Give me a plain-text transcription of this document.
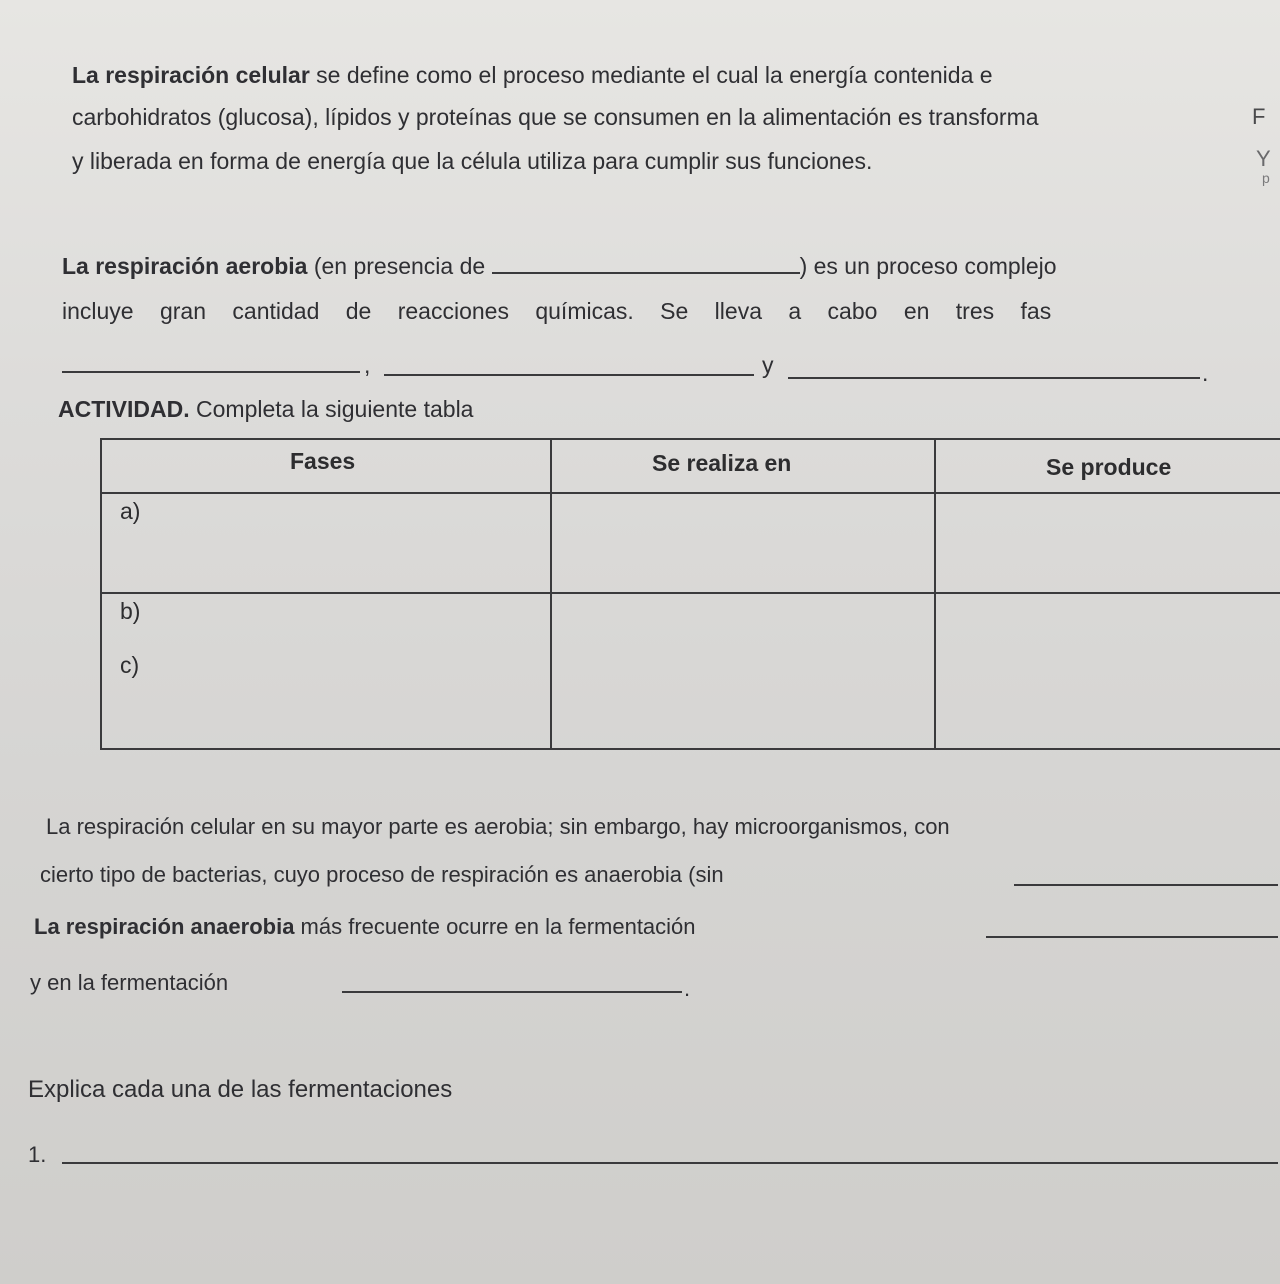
La respiración celular se define como el proceso mediante el cual la energía contenida e
carbohidratos (glucosa), lípidos y proteínas que se consumen en la alimentación es transforma
y liberada en forma de energía que la célula utiliza para cumplir sus funciones.
F
Y
p
La respiración aerobia (en presencia de	) es un proceso complejo
incluye gran cantidad de reacciones químicas. Se lleva a cabo en tres fas
,	y	.
ACTIVIDAD. Completa la siguiente tabla
Fases	Se realiza en	Se produce
a)
b)
c)
La respiración celular en su mayor parte es aerobia; sin embargo, hay microorganismos, con
cierto tipo de bacterias, cuyo proceso de respiración es anaerobia (sin
La respiración anaerobia más frecuente ocurre en la fermentación
y en la fermentación	.
Explica cada una de las fermentaciones
1.
